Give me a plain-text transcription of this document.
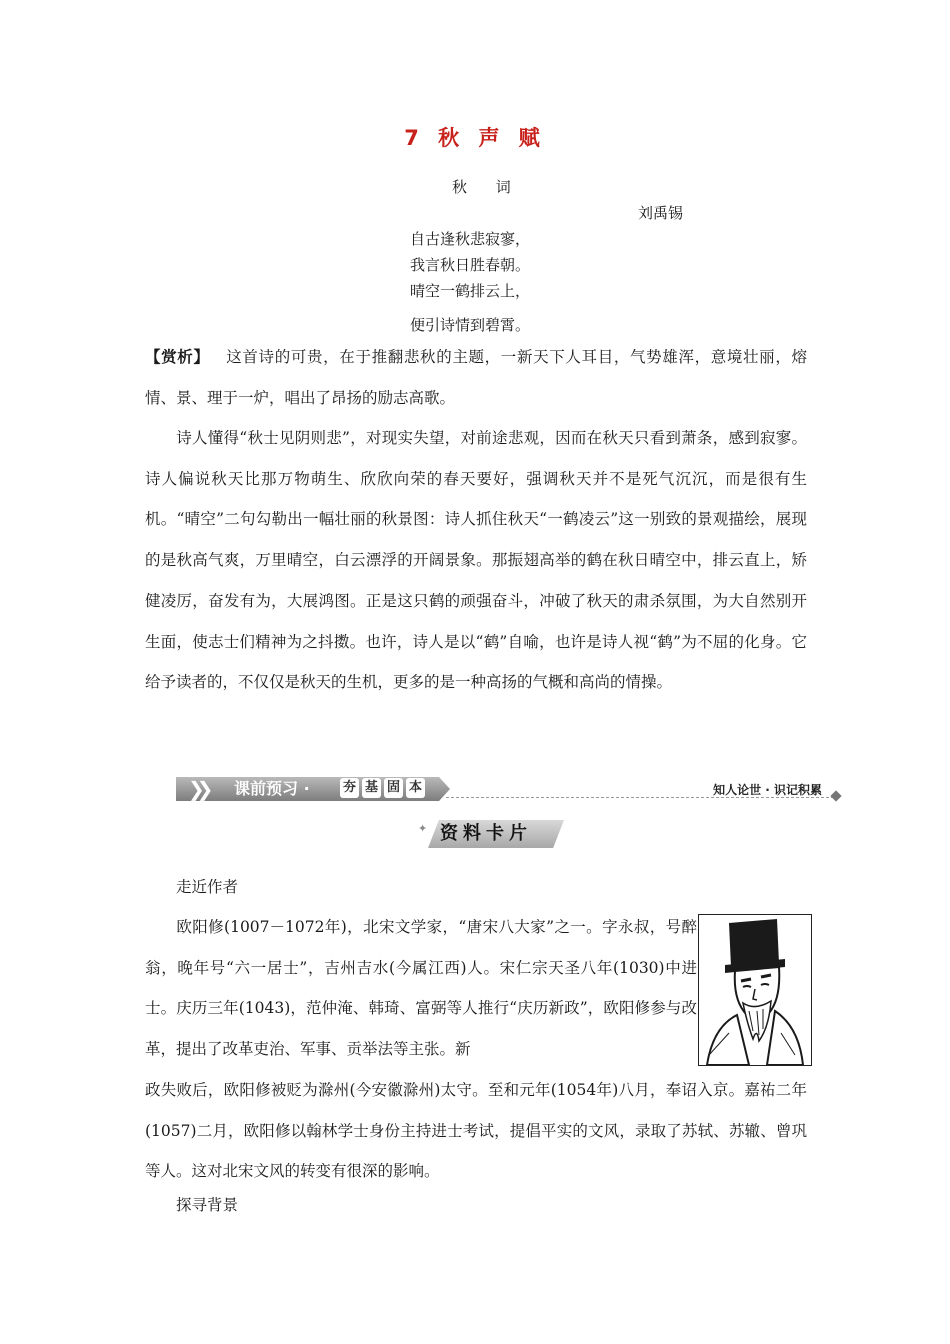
7 秋 声 赋
秋 词
刘禹锡
自古逢秋悲寂寥，
我言秋日胜春朝。
晴空一鹤排云上，
便引诗情到碧霄。

【赏析】 这首诗的可贵，在于推翻悲秋的主题，一新天下人耳目，气势雄浑，意境壮丽，熔情、景、理于一炉，唱出了昂扬的励志高歌。

诗人懂得“秋士见阴则悲”，对现实失望，对前途悲观，因而在秋天只看到萧条，感到寂寥。诗人偏说秋天比那万物萌生、欣欣向荣的春天要好，强调秋天并不是死气沉沉，而是很有生机。“晴空”二句勾勒出一幅壮丽的秋景图：诗人抓住秋天“一鹤凌云”这一别致的景观描绘，展现的是秋高气爽，万里晴空，白云漂浮的开阔景象。那振翅高举的鹤在秋日晴空中，排云直上，矫健凌厉，奋发有为，大展鸿图。正是这只鹤的顽强奋斗，冲破了秋天的肃杀氛围，为大自然别开生面，使志士们精神为之抖擞。也许，诗人是以“鹤”自喻，也许是诗人视“鹤”为不屈的化身。它给予读者的，不仅仅是秋天的生机，更多的是一种高扬的气概和高尚的情操。

❯❯ 课前预习 ·	夯 基 固 本	知人论世 · 识记积累
✦ 资料卡片
走近作者

欧阳修(1007－1072年)，北宋文学家，“唐宋八大家”之一。字永叔，号醉翁，晚年号“六一居士”，吉州吉水(今属江西)人。宋仁宗天圣八年(1030)中进士。庆历三年(1043)，范仲淹、韩琦、富弼等人推行“庆历新政”，欧阳修参与改革，提出了改革吏治、军事、贡举法等主张。新

政失败后，欧阳修被贬为滁州(今安徽滁州)太守。至和元年(1054年)八月，奉诏入京。嘉祐二年(1057)二月，欧阳修以翰林学士身份主持进士考试，提倡平实的文风，录取了苏轼、苏辙、曾巩等人。这对北宋文风的转变有很深的影响。

探寻背景
